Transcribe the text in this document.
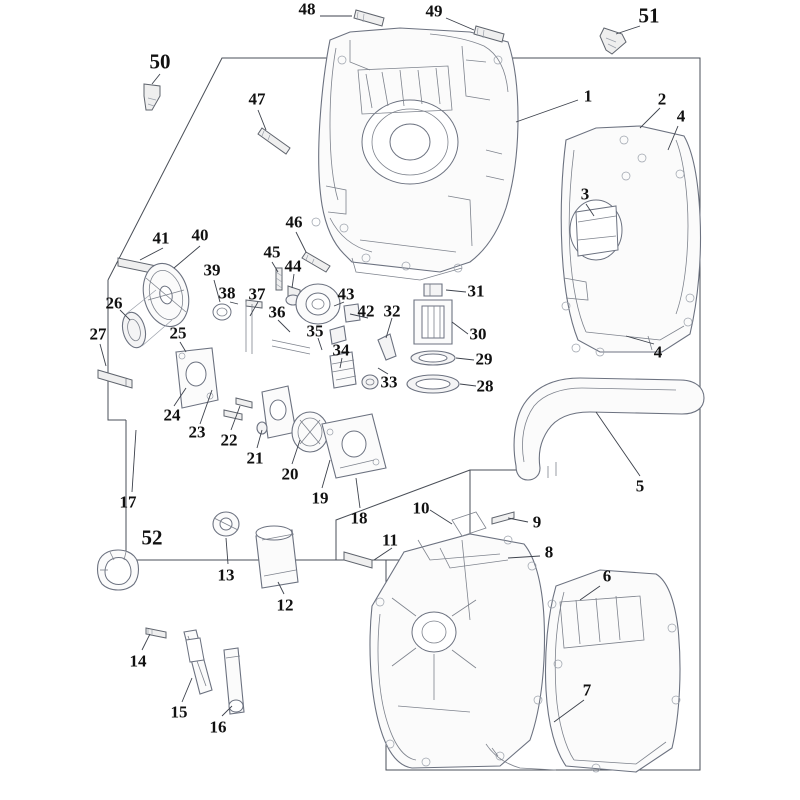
48	49	51
50
1	2
4
47
3
46
41 40
45
44
39
31
38	43
37
42 32
26	36
30
35
25
27
4
34	29
33	28
24
23 22
21
20
5
17	19
10
9
18
52	11
8
13	6
12
14
7
15
16
